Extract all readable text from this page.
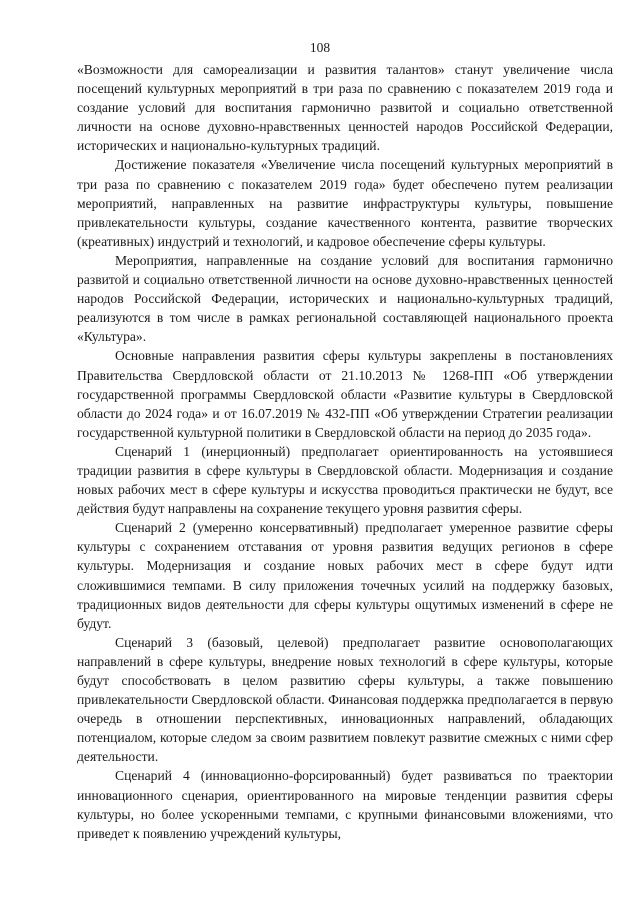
108

«Возможности для самореализации и развития талантов» станут увеличение числа посещений культурных мероприятий в три раза по сравнению с показателем 2019 года и создание условий для воспитания гармонично развитой и социально ответственной личности на основе духовно-нравственных ценностей народов Российской Федерации, исторических и национально-культурных традиций.

Достижение показателя «Увеличение числа посещений культурных мероприятий в три раза по сравнению с показателем 2019 года» будет обеспечено путем реализации мероприятий, направленных на развитие инфраструктуры культуры, повышение привлекательности культуры, создание качественного контента, развитие творческих (креативных) индустрий и технологий, и кадровое обеспечение сферы культуры.

Мероприятия, направленные на создание условий для воспитания гармонично развитой и социально ответственной личности на основе духовно-нравственных ценностей народов Российской Федерации, исторических и национально-культурных традиций, реализуются в том числе в рамках региональной составляющей национального проекта «Культура».

Основные направления развития сферы культуры закреплены в постановлениях Правительства Свердловской области от 21.10.2013 № 1268-ПП «Об утверждении государственной программы Свердловской области «Развитие культуры в Свердловской области до 2024 года» и от 16.07.2019 № 432-ПП «Об утверждении Стратегии реализации государственной культурной политики в Свердловской области на период до 2035 года».

Сценарий 1 (инерционный) предполагает ориентированность на устоявшиеся традиции развития в сфере культуры в Свердловской области. Модернизация и создание новых рабочих мест в сфере культуры и искусства проводиться практически не будут, все действия будут направлены на сохранение текущего уровня развития сферы.

Сценарий 2 (умеренно консервативный) предполагает умеренное развитие сферы культуры с сохранением отставания от уровня развития ведущих регионов в сфере культуры. Модернизация и создание новых рабочих мест в сфере будут идти сложившимися темпами. В силу приложения точечных усилий на поддержку базовых, традиционных видов деятельности для сферы культуры ощутимых изменений в сфере не будут.

Сценарий 3 (базовый, целевой) предполагает развитие основополагающих направлений в сфере культуры, внедрение новых технологий в сфере культуры, которые будут способствовать в целом развитию сферы культуры, а также повышению привлекательности Свердловской области. Финансовая поддержка предполагается в первую очередь в отношении перспективных, инновационных направлений, обладающих потенциалом, которые следом за своим развитием повлекут развитие смежных с ними сфер деятельности.

Сценарий 4 (инновационно-форсированный) будет развиваться по траектории инновационного сценария, ориентированного на мировые тенденции развития сферы культуры, но более ускоренными темпами, с крупными финансовыми вложениями, что приведет к появлению учреждений культуры,
